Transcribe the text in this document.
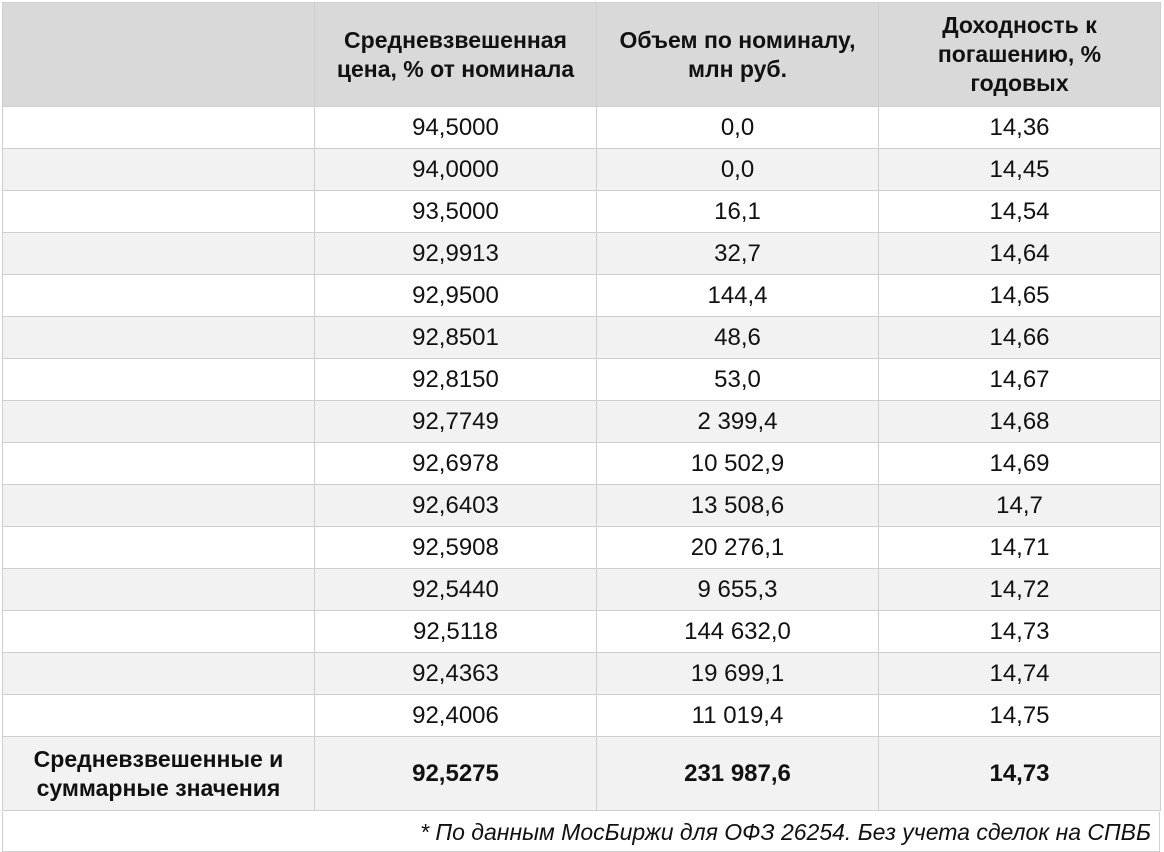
	Средневзвешенная цена, % от номинала	Объем по номиналу, млн руб.	Доходность к погашению, % годовых
	94,5000	0,0	14,36
	94,0000	0,0	14,45
	93,5000	16,1	14,54
	92,9913	32,7	14,64
	92,9500	144,4	14,65
	92,8501	48,6	14,66
	92,8150	53,0	14,67
	92,7749	2 399,4	14,68
	92,6978	10 502,9	14,69
	92,6403	13 508,6	14,7
	92,5908	20 276,1	14,71
	92,5440	9 655,3	14,72
	92,5118	144 632,0	14,73
	92,4363	19 699,1	14,74
	92,4006	11 019,4	14,75
Средневзвешенные и суммарные значения	92,5275	231 987,6	14,73
* По данным МосБиржи для ОФЗ 26254. Без учета сделок на СПВБ
